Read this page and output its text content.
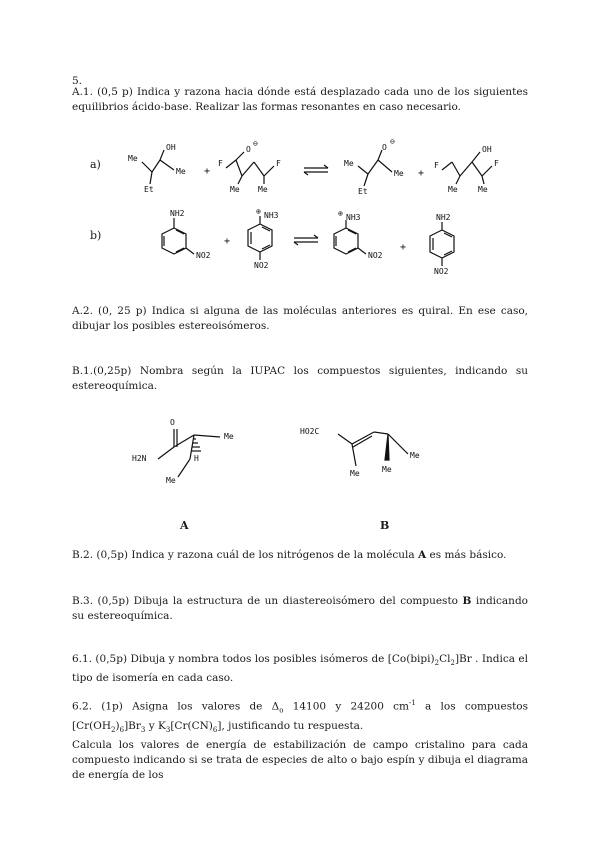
5.
A.1. (0,5 p) Indica y razona hacia dónde está desplazado cada uno de los siguientes equilibrios ácido-base. Realizar las formas resonantes en caso necesario.
a)
b)
Me
OH
Me
Et
+
F
O
⊖
F
Me Me
Me
O
⊖
Me
Et
+
F
OH
F
Me	Me
NH2
NO2
+
⊕ NH3
NO2
⊕ NH3
NO2
+
NH2
NO2
A.2. (0, 25 p) Indica si alguna de las moléculas anteriores es quiral. En ese caso, dibujar los posibles estereoisómeros.
B.1.(0,25p) Nombra según la IUPAC los compuestos siguientes, indicando su estereoquímica.
O
H2N
Me
H
Me
HO2C
Me
Me	Me
A	B
B.2. (0,5p) Indica y razona cuál de los nitrógenos de la molécula A es más básico.
B.3. (0,5p) Dibuja la estructura de un diastereoisómero del compuesto B indicando su estereoquímica.
6.1. (0,5p) Dibuja y nombra todos los posibles isómeros de $[Co(bipi)_2Cl_2]Br$ . Indica el tipo de isomería en cada caso.
6.2. (1p) Asigna los valores de $\Delta_o$ 14100 y 24200 $cm^{-1}$ a los compuestos $[Cr(OH_2)_6]Br_3$ y $K_3[Cr(CN)_6]$, justificando tu respuesta.
Calcula los valores de energía de estabilización de campo cristalino para cada compuesto indicando si se trata de especies de alto o bajo espín y dibuja el diagrama de energía de los
